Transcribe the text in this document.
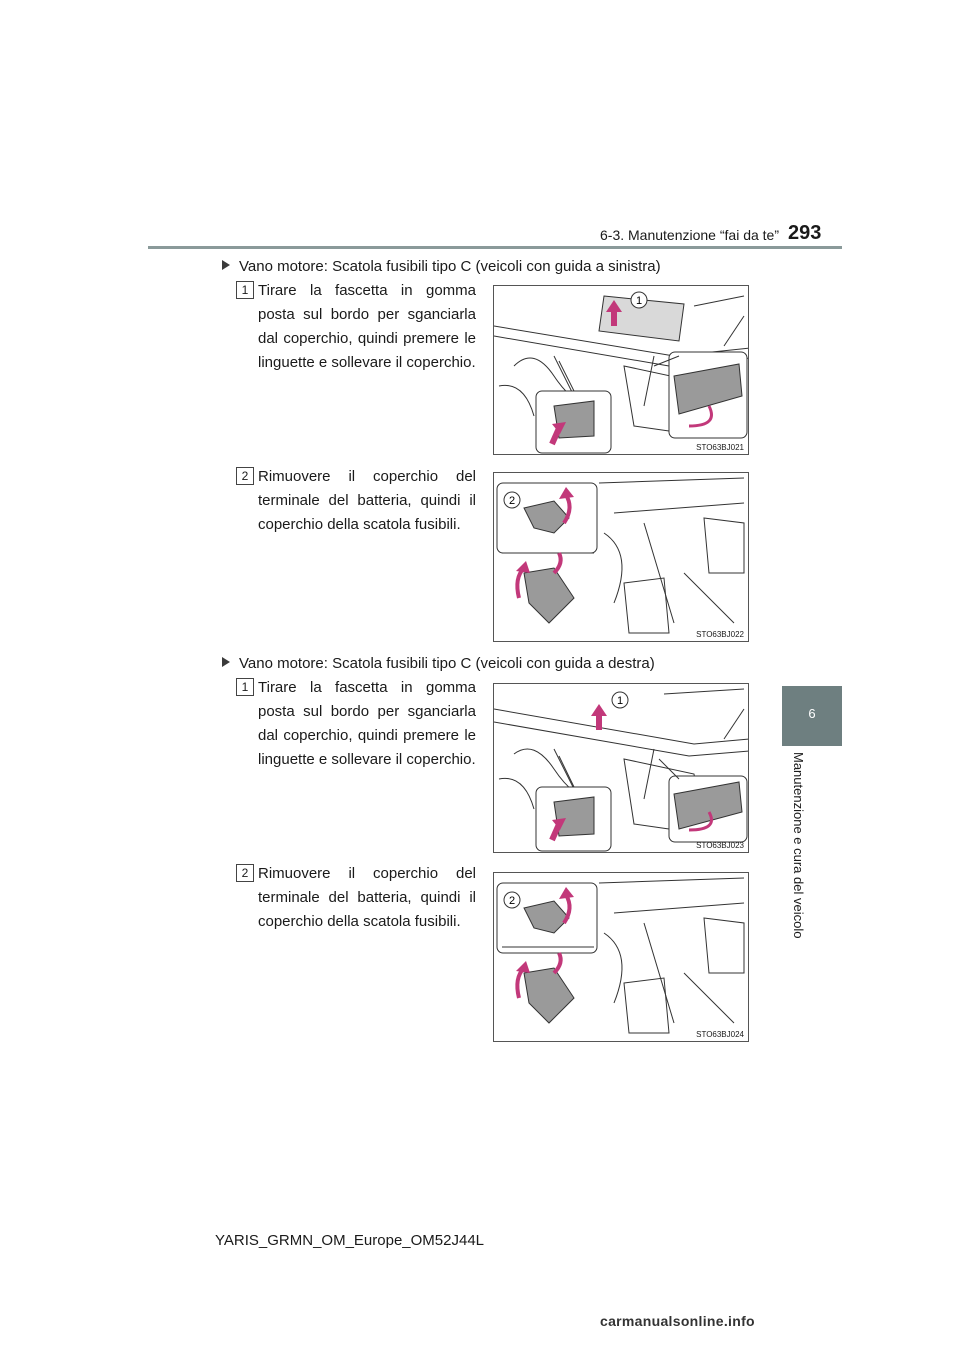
6-3. Manutenzione “fai da te” 293
6
Manutenzione e cura del veicolo
Vano motore: Scatola fusibili tipo C (veicoli con guida a sinistra)
1 Tirare la fascetta in gomma posta sul bordo per sganciarla dal coperchio, quindi premere le linguette e sollevare il coperchio.
1
STO63BJ021
2 Rimuovere il coperchio del terminale del batteria, quindi il coperchio della scatola fusibili.
2
STO63BJ022
Vano motore: Scatola fusibili tipo C (veicoli con guida a destra)
1 Tirare la fascetta in gomma posta sul bordo per sganciarla dal coperchio, quindi premere le linguette e sollevare il coperchio.
1
STO63BJ023
2 Rimuovere il coperchio del terminale del batteria, quindi il coperchio della scatola fusibili.
2
STO63BJ024
YARIS_GRMN_OM_Europe_OM52J44L
carmanualsonline.info
